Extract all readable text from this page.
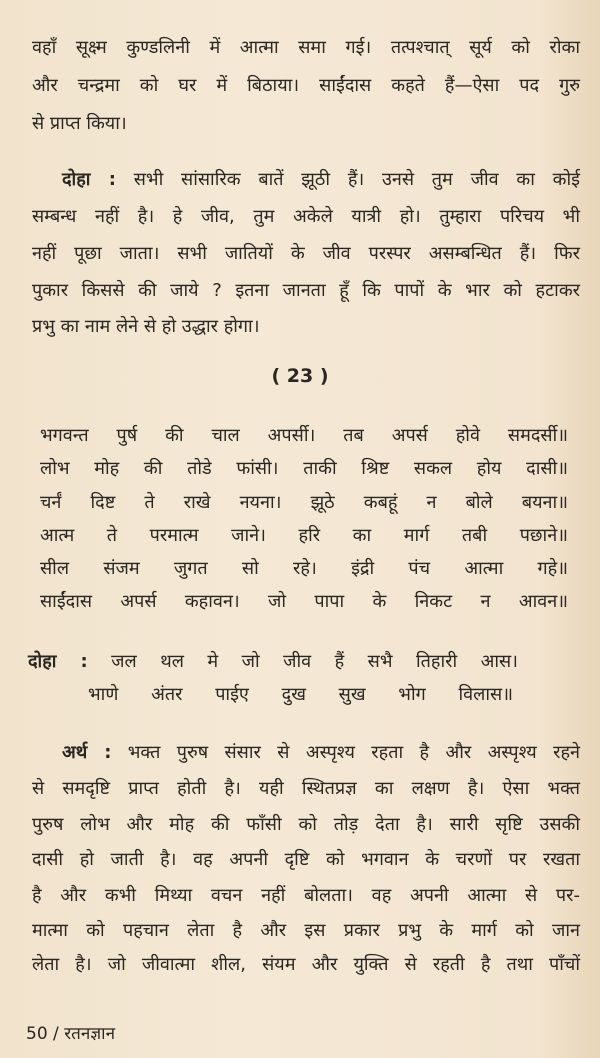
वहाँ सूक्ष्म कुण्डलिनी में आत्मा समा गई। तत्पश्चात् सूर्य को रोका
और चन्द्रमा को घर में बिठाया। साईंदास कहते हैं—ऐसा पद गुरु
से प्राप्त किया।
दोहा : सभी सांसारिक बातें झूठी हैं। उनसे तुम जीव का कोई
सम्बन्ध नहीं है। हे जीव, तुम अकेले यात्री हो। तुम्हारा परिचय भी
नहीं पूछा जाता। सभी जातियों के जीव परस्पर असम्बन्धित हैं। फिर
पुकार किससे की जाये ? इतना जानता हूँ कि पापों के भार को हटाकर
प्रभु का नाम लेने से हो उद्धार होगा।
( 23 )
भगवन्त पुर्ष की चाल अपर्सी। तब अपर्स होवे समदर्सी॥
लोभ मोह की तोडे फांसी। ताकी श्रिष्ट सकल होय दासी॥
चर्नं दिष्ट ते राखे नयना। झूठे कबहूं न बोले बयना॥
आत्म ते परमात्म जाने। हरि का मार्ग तबी पछाने॥
सील संजम जुगत सो रहे। इंद्री पंच आत्मा गहे॥
साईंदास अपर्स कहावन। जो पापा के निकट न आवन॥
दोहा : जल थल मे जो जीव हैं सभै तिहारी आस।
भाणे अंतर पाईए दुख सुख भोग विलास॥
अर्थ : भक्त पुरुष संसार से अस्पृश्य रहता है और अस्पृश्य रहने
से समदृष्टि प्राप्त होती है। यही स्थितप्रज्ञ का लक्षण है। ऐसा भक्त
पुरुष लोभ और मोह की फाँसी को तोड़ देता है। सारी सृष्टि उसकी
दासी हो जाती है। वह अपनी दृष्टि को भगवान के चरणों पर रखता
है और कभी मिथ्या वचन नहीं बोलता। वह अपनी आत्मा से पर-
मात्मा को पहचान लेता है और इस प्रकार प्रभु के मार्ग को जान
लेता है। जो जीवात्मा शील, संयम और युक्ति से रहती है तथा पाँचों
50 / रतनज्ञान
